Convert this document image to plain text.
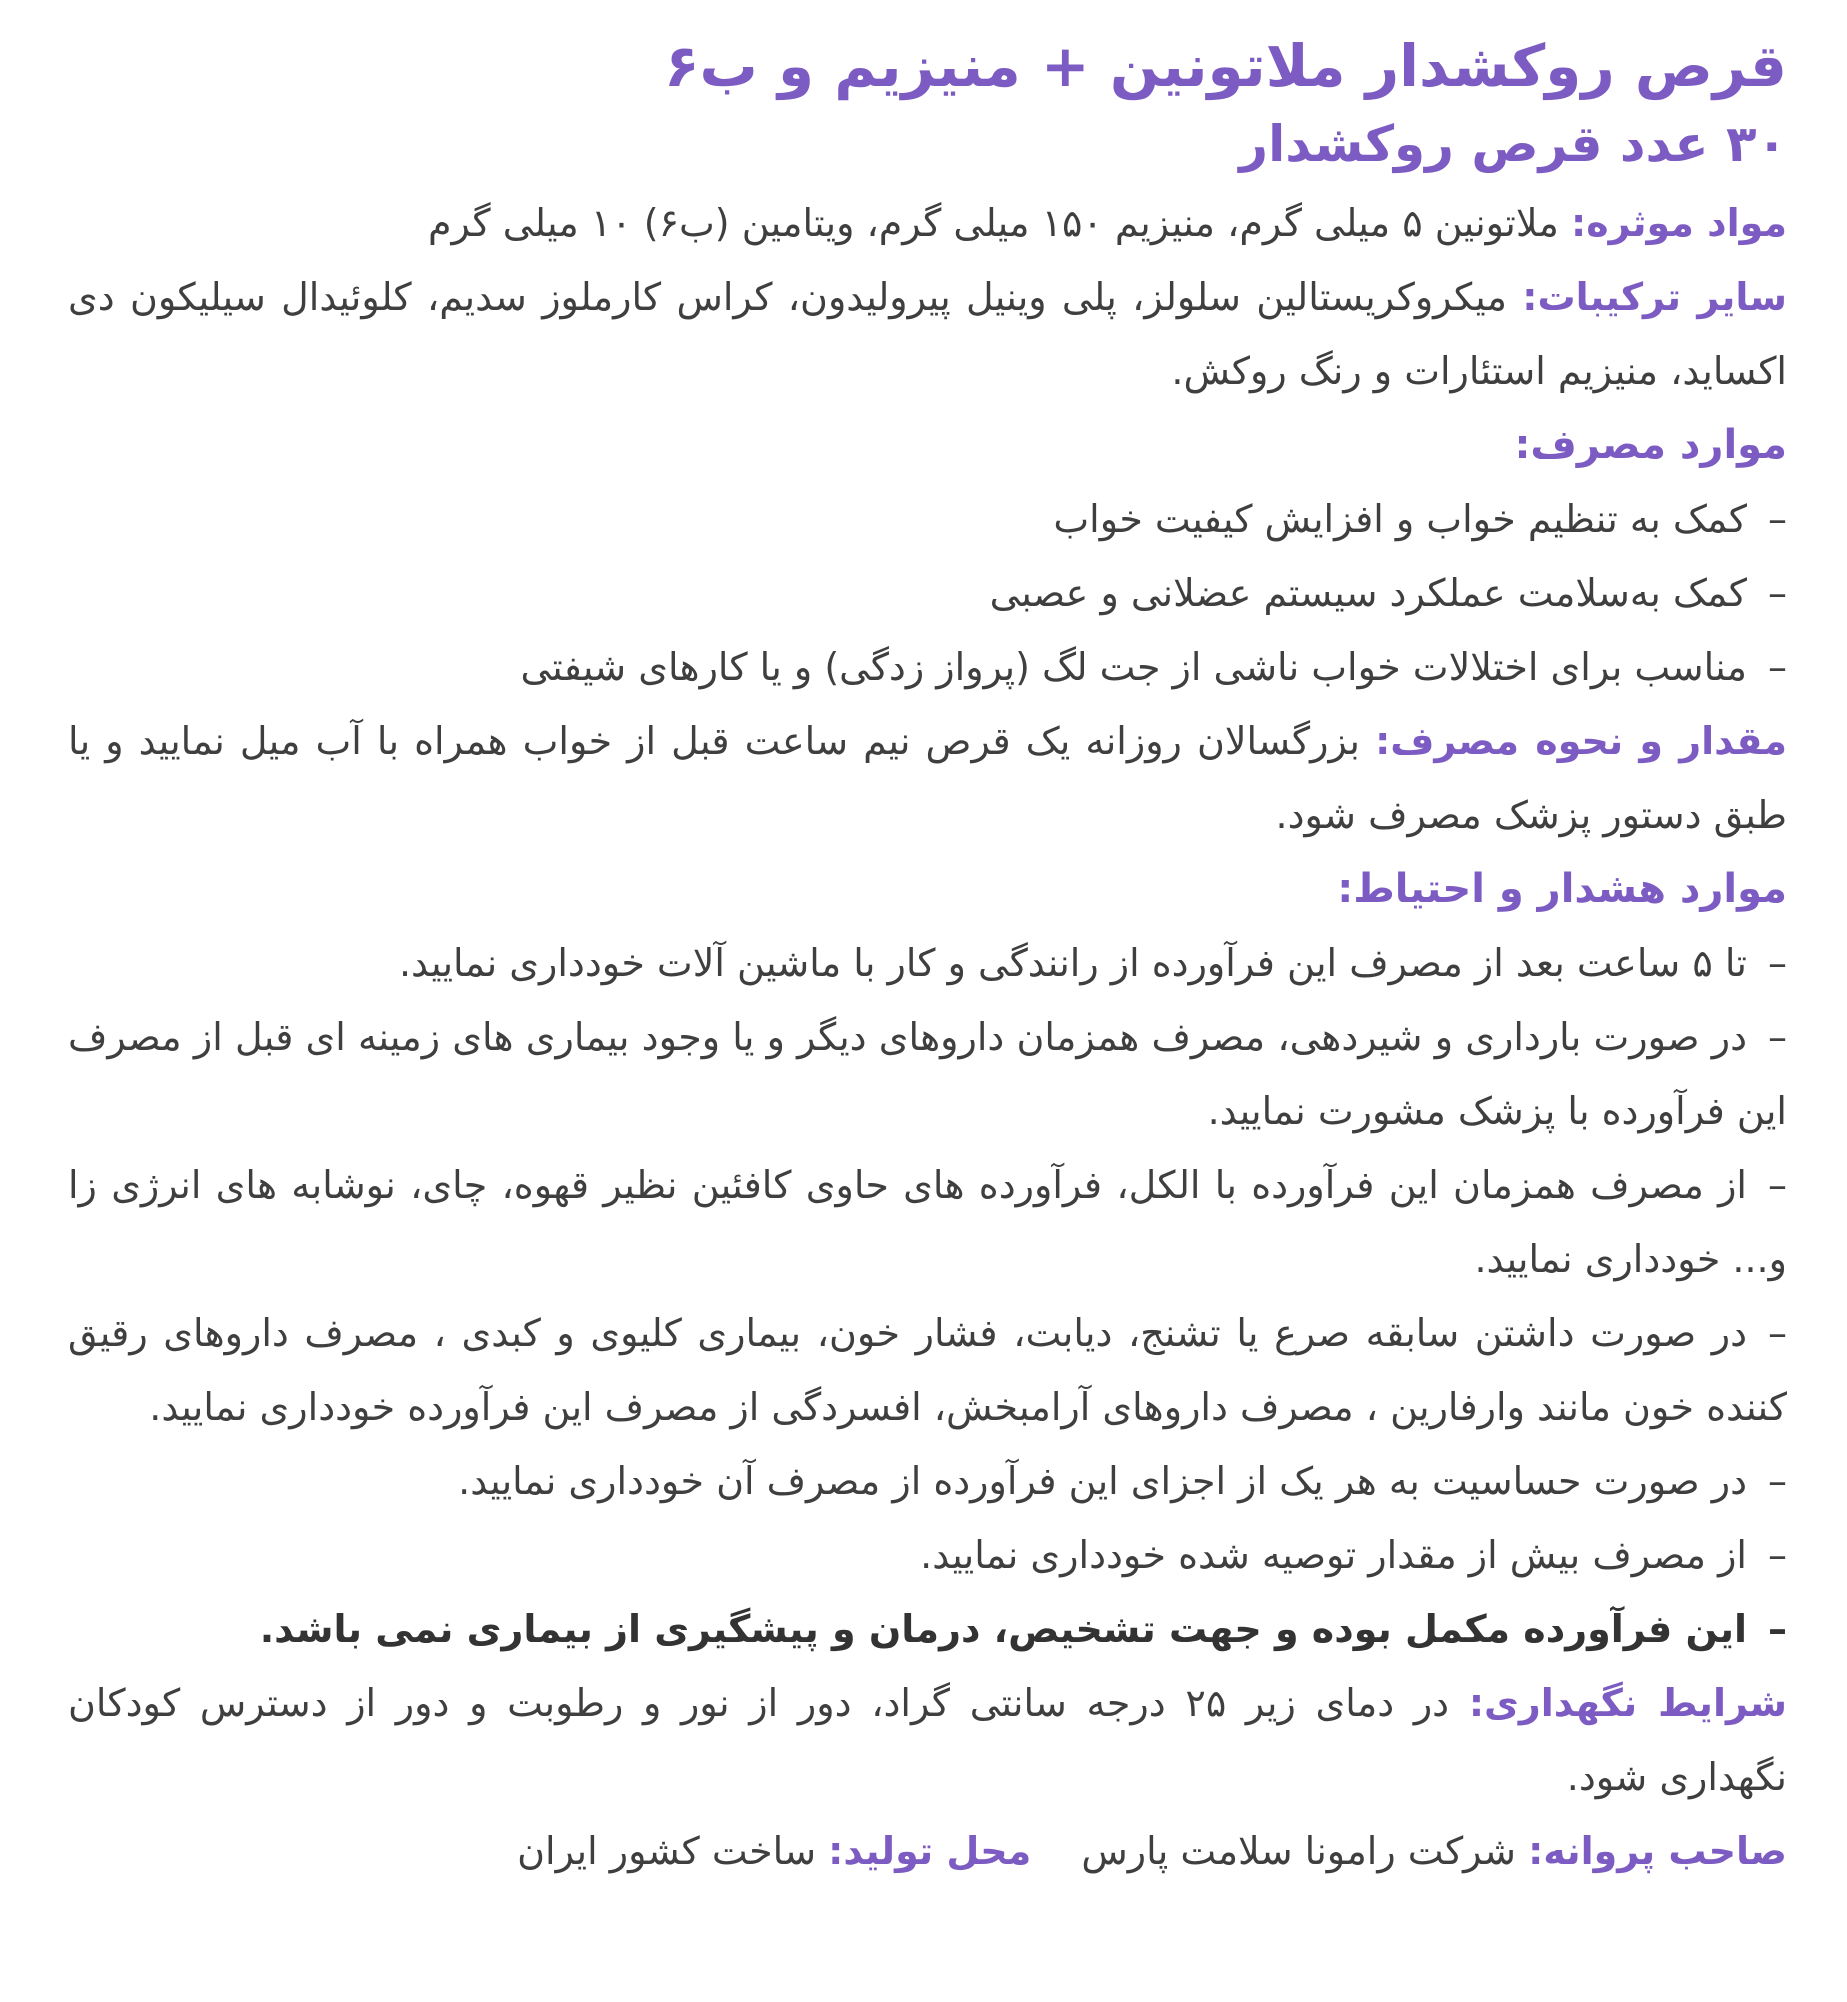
قرص روکشدار ملاتونین + منیزیم و ب۶
۳۰ عدد قرص روکشدار

مواد موثره: ملاتونین ۵ میلی گرم، منیزیم ۱۵۰ میلی گرم، ویتامین (ب۶) ۱۰ میلی گرم

سایر ترکیبات: میکروکریستالین سلولز، پلی وینیل پیرولیدون، کراس کارملوز سدیم، کلوئیدال سیلیکون دی اکساید، منیزیم استئارات و رنگ روکش.

موارد مصرف:

–کمک به تنظیم خواب و افزایش کیفیت خواب

–کمک به‌سلامت عملکرد سیستم عضلانی و عصبی

–مناسب برای اختلالات خواب ناشی از جت لگ (پرواز زدگی) و یا کارهای شیفتی

مقدار و نحوه مصرف: بزرگسالان روزانه یک قرص نیم ساعت قبل از خواب همراه با آب میل نمایید و یا طبق دستور پزشک مصرف شود.

موارد هشدار و احتیاط:

–تا ۵ ساعت بعد از مصرف این فرآورده از رانندگی و کار با ماشین آلات خودداری نمایید.

–در صورت بارداری و شیردهی، مصرف همزمان داروهای دیگر و یا وجود بیماری های زمینه ای قبل از مصرف این فرآورده با پزشک مشورت نمایید.

–از مصرف همزمان این فرآورده با الکل، فرآورده های حاوی کافئین نظیر قهوه، چای، نوشابه های انرژی زا و... خودداری نمایید.

–در صورت داشتن سابقه صرع یا تشنج، دیابت، فشار خون، بیماری کلیوی و کبدی ، مصرف داروهای رقیق کننده خون مانند وارفارین ، مصرف داروهای آرامبخش، افسردگی از مصرف این فرآورده خودداری نمایید.

–در صورت حساسیت به هر یک از اجزای این فرآورده از مصرف آن خودداری نمایید.

–از مصرف بیش از مقدار توصیه شده خودداری نمایید.

–این فرآورده مکمل بوده و جهت تشخیص، درمان و پیشگیری از بیماری نمی باشد.

شرایط نگهداری: در دمای زیر ۲۵ درجه سانتی گراد، دور از نور و رطوبت و دور از دسترس کودکان نگهداری شود.

صاحب پروانه: شرکت رامونا سلامت پارس  محل تولید: ساخت کشور ایران
